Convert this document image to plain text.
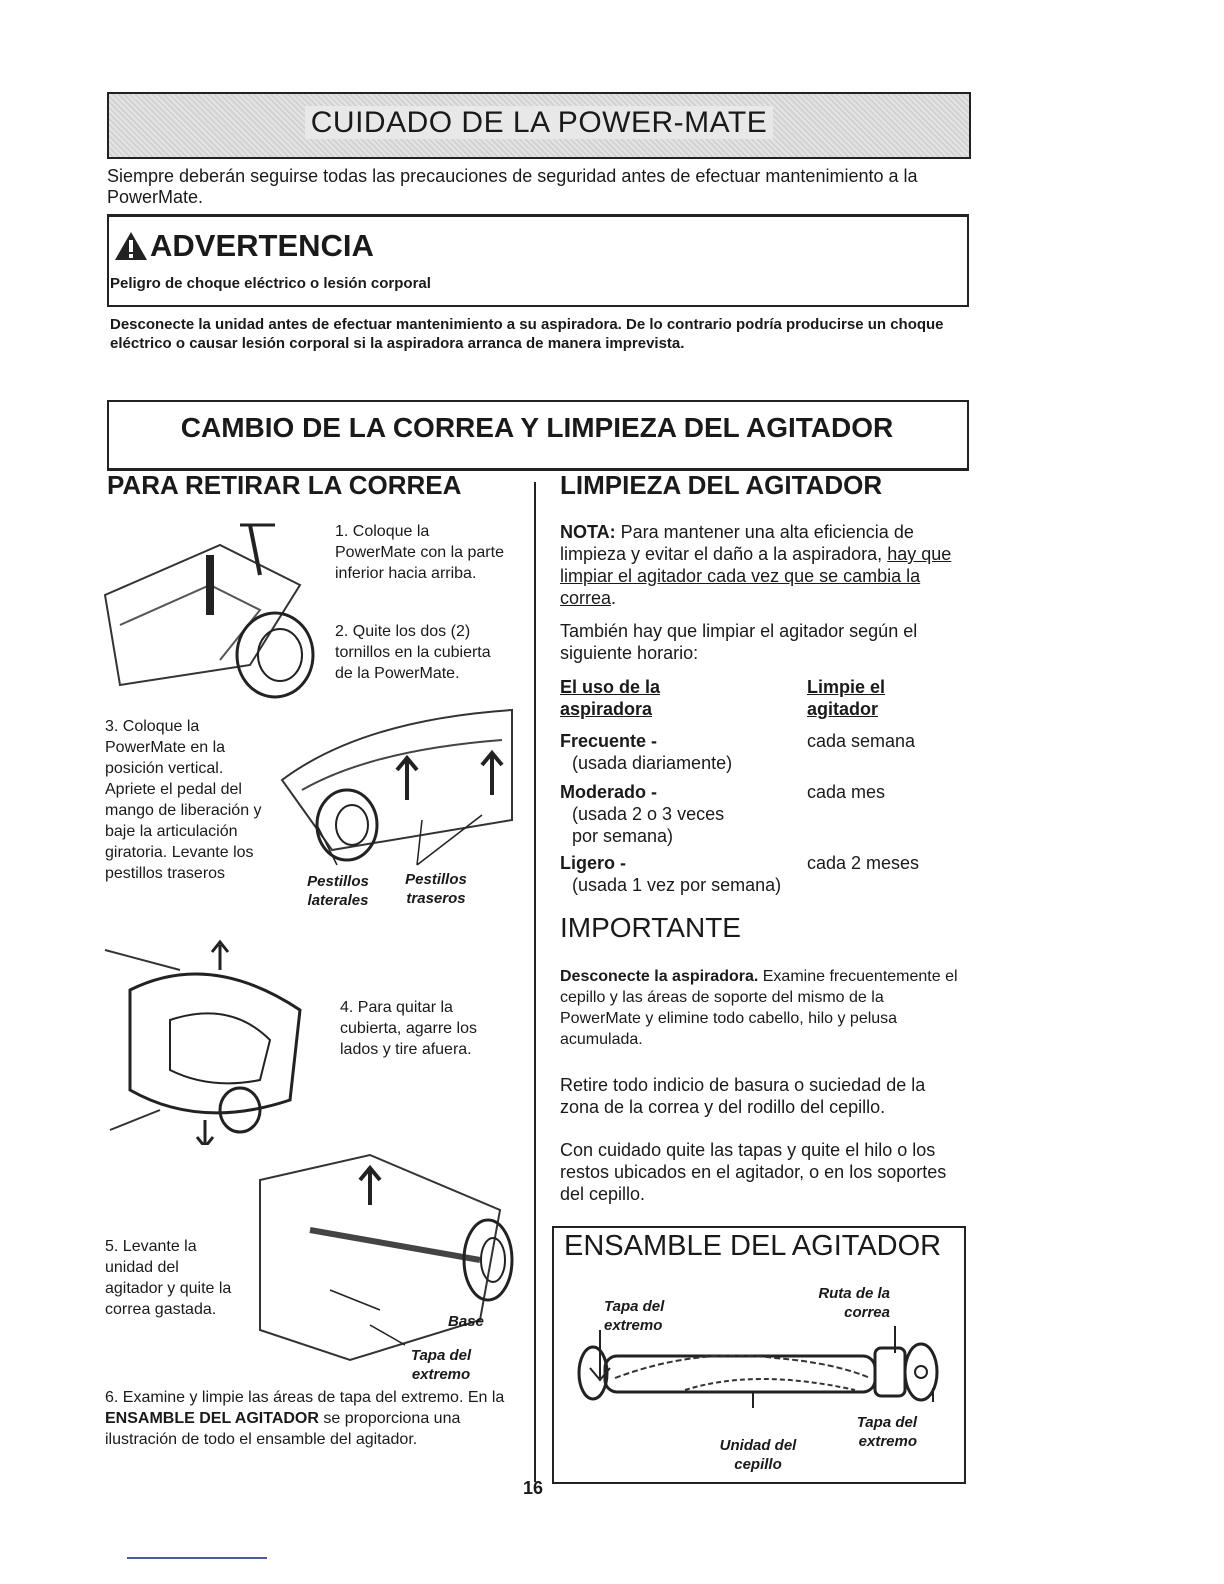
CUIDADO DE LA POWER-MATE
Siempre deberán seguirse todas las precauciones de seguridad antes de efectuar mantenimiento a la PowerMate.
ADVERTENCIA
Peligro de choque eléctrico o lesión corporal
Desconecte la unidad antes de efectuar mantenimiento a su aspiradora. De lo contrario podría producirse un choque eléctrico o causar lesión corporal si la aspiradora arranca de manera imprevista.
CAMBIO DE LA CORREA Y LIMPIEZA DEL AGITADOR
PARA RETIRAR LA CORREA
1. Coloque la PowerMate con la parte inferior hacia arriba.
2. Quite los dos (2) tornillos en la cubierta de la PowerMate.
3. Coloque la PowerMate en la posición vertical. Apriete el pedal del mango de liberación y baje la articulación giratoria. Levante los pestillos traseros	Pestillos laterales
Pestillos traseros
4. Para quitar la cubierta, agarre los lados y tire afuera.
5. Levante la unidad del agitador y quite la correa gastada.
Base
Tapa del extremo
6. Examine y limpie las áreas de tapa del extremo. En la ENSAMBLE DEL AGITADOR se proporciona una ilustración de todo el ensamble del agitador.
LIMPIEZA DEL AGITADOR
NOTA: Para mantener una alta eficiencia de limpieza y evitar el daño a la aspiradora, hay que limpiar el agitador cada vez que se cambia la correa.
También hay que limpiar el agitador según el siguiente horario:
El uso de la aspiradora
Limpie el agitador
Frecuente -
(usada diariamente)
cada semana
Moderado -
(usada 2 o 3 veces por semana)
cada mes
Ligero -
(usada 1 vez por semana)
cada 2 meses
IMPORTANTE
Desconecte la aspiradora. Examine frecuentemente el cepillo y las áreas de soporte del mismo de la PowerMate y elimine todo cabello, hilo y pelusa acumulada.
Retire todo indicio de basura o suciedad de la zona de la correa y del rodillo del cepillo.
Con cuidado quite las tapas y quite el hilo o los restos ubicados en el agitador, o en los soportes del cepillo.
ENSAMBLE DEL AGITADOR
Tapa del extremo
Ruta de la correa
Unidad del cepillo
Tapa del extremo
16
